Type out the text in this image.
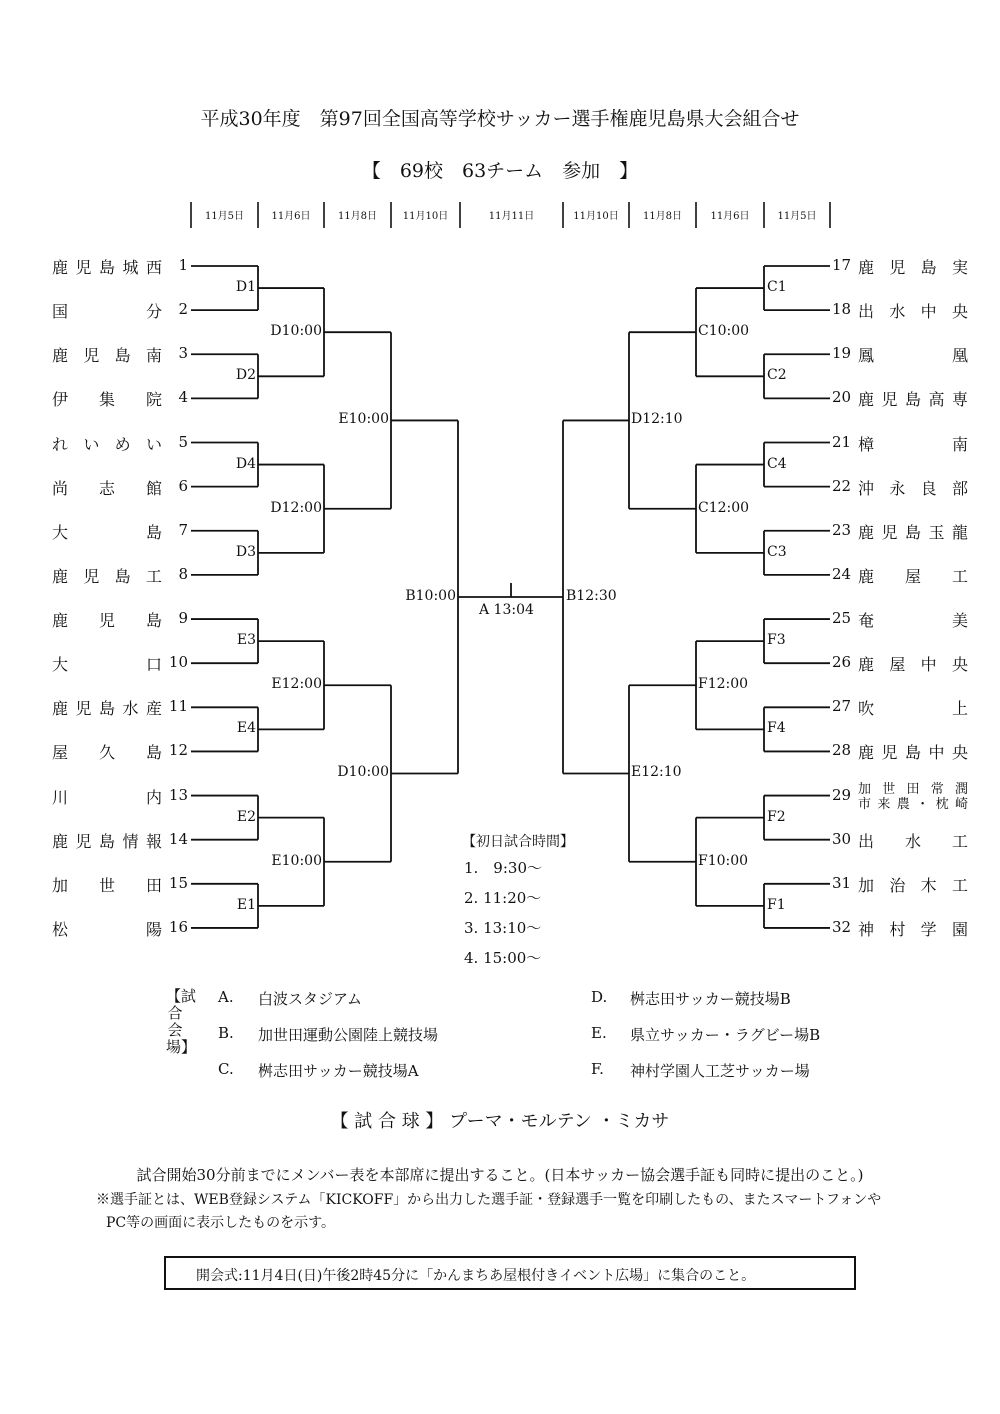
平成30年度　第97回全国高等学校サッカー選手権鹿児島県大会組合せ
【　69校　63チーム　参加　】
11月5日	11月6日	11月8日	11月10日	11月11日	11月10日	11月8日	11月6日	11月5日
鹿 児 島 城 西	1
国	分	2
鹿 児 島 南	3
伊 集 院	4
れ い め い	5
尚 志 館	6
大	島	7
鹿 児 島 工	8
鹿 児 島	9
大	口 10
鹿 児 島 水 産 11
屋 久 島 12
川	内 13
鹿 児 島 情 報 14
加 世 田 15
松	陽 16
17 鹿 児 島 実
18 出 水 中 央
19 鳳	凰
20 鹿 児 島 高 専
21 樟	南
22 沖 永 良 部
23 鹿 児 島 玉 龍
24 鹿 屋 工
25 奄	美
26 鹿 屋 中 央
27 吹	上
28 鹿 児 島 中 央
29 加 世 田 常 潤
市 来 農 ・ 枕 崎
30 出 水 工
31 加 治 木 工
32 神 村 学 園
D1
D2
D4
D3
E3
E4
E2
E1
D10:00
D12:00
E12:00
E10:00
E10:00
D10:00
B10:00
C1
C2
C4
C3
F3
F4
F2
F1
C10:00
C12:00
F12:00
F10:00
D12:10
E12:10
B12:30
A 13:04
【初日試合時間】
1.　9:30〜
2. 11:20〜
3. 13:10〜
4. 15:00〜
【試合会場】
A. 白波スタジアム
B. 加世田運動公園陸上競技場
C. 桝志田サッカー競技場A
D. 桝志田サッカー競技場B
E. 県立サッカー・ラグビー場B
F. 神村学園人工芝サッカー場
【 試 合 球 】 プーマ・モルテン ・ミカサ
試合開始30分前までにメンバー表を本部席に提出すること。(日本サッカー協会選手証も同時に提出のこと。)
※選手証とは、WEB登録システム「KICKOFF」から出力した選手証・登録選手一覧を印刷したもの、またスマートフォンや
PC等の画面に表示したものを示す。
開会式:11月4日(日)午後2時45分に「かんまちあ屋根付きイベント広場」に集合のこと。
